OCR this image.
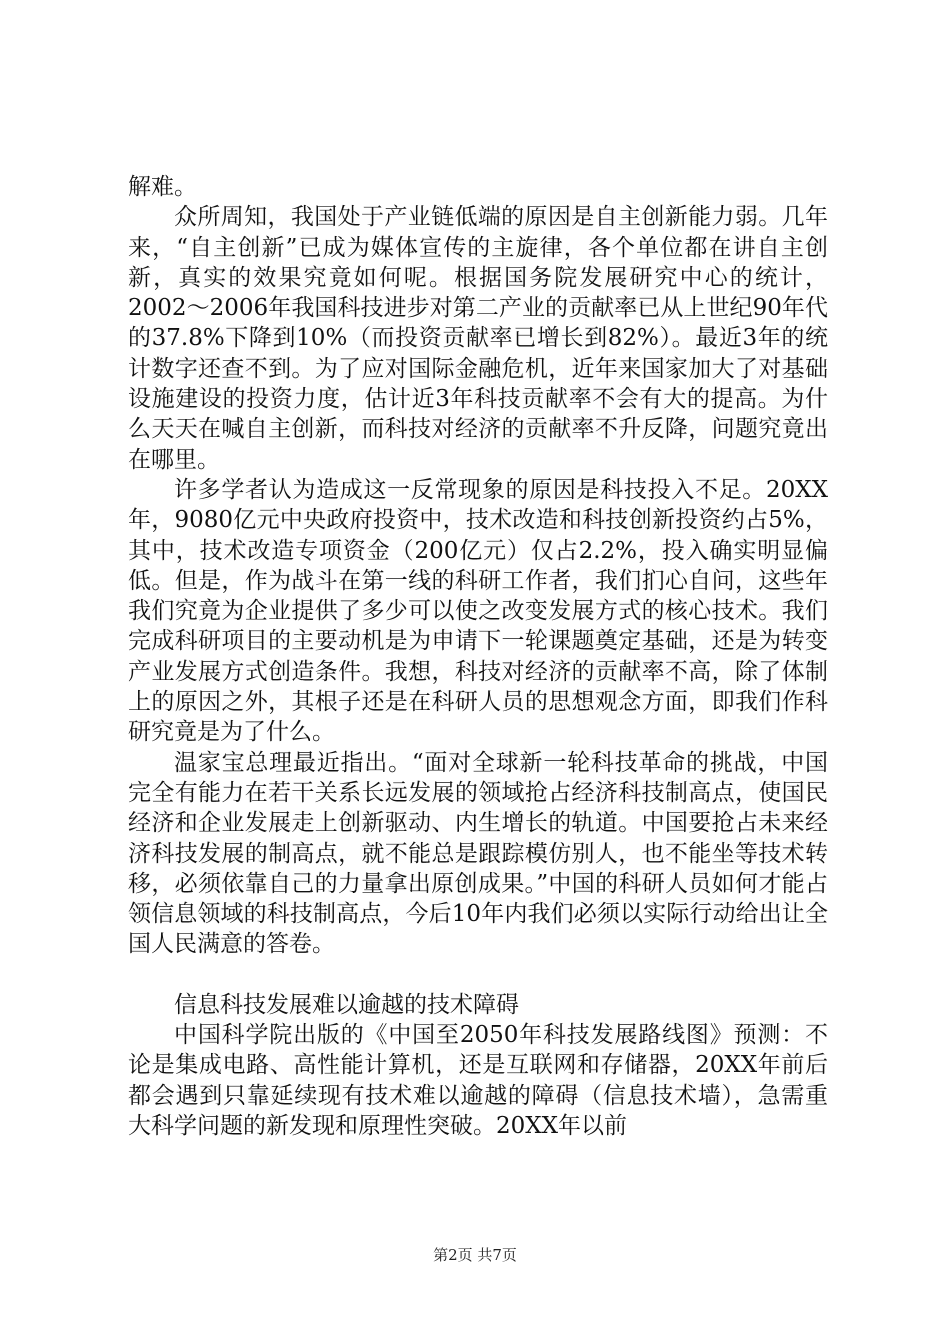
解难。

众所周知，我国处于产业链低端的原因是自主创新能力弱。几年来，“自主创新”已成为媒体宣传的主旋律，各个单位都在讲自主创新，真实的效果究竟如何呢。根据国务院发展研究中心的统计，2002～2006年我国科技进步对第二产业的贡献率已从上世纪90年代的37.8%下降到10%（而投资贡献率已增长到82%）。最近3年的统计数字还查不到。为了应对国际金融危机，近年来国家加大了对基础设施建设的投资力度，估计近3年科技贡献率不会有大的提高。为什么天天在喊自主创新，而科技对经济的贡献率不升反降，问题究竟出在哪里。

许多学者认为造成这一反常现象的原因是科技投入不足。20XX年，9080亿元中央政府投资中，技术改造和科技创新投资约占5%，其中，技术改造专项资金（200亿元）仅占2.2%，投入确实明显偏低。但是，作为战斗在第一线的科研工作者，我们扪心自问，这些年我们究竟为企业提供了多少可以使之改变发展方式的核心技术。我们完成科研项目的主要动机是为申请下一轮课题奠定基础，还是为转变产业发展方式创造条件。我想，科技对经济的贡献率不高，除了体制上的原因之外，其根子还是在科研人员的思想观念方面，即我们作科研究竟是为了什么。

温家宝总理最近指出。“面对全球新一轮科技革命的挑战，中国完全有能力在若干关系长远发展的领域抢占经济科技制高点，使国民经济和企业发展走上创新驱动、内生增长的轨道。中国要抢占未来经济科技发展的制高点，就不能总是跟踪模仿别人，也不能坐等技术转移，必须依靠自己的力量拿出原创成果。”中国的科研人员如何才能占领信息领域的科技制高点，今后10年内我们必须以实际行动给出让全国人民满意的答卷。

信息科技发展难以逾越的技术障碍

中国科学院出版的《中国至2050年科技发展路线图》预测：不论是集成电路、高性能计算机，还是互联网和存储器，20XX年前后都会遇到只靠延续现有技术难以逾越的障碍（信息技术墙），急需重大科学问题的新发现和原理性突破。20XX年以前

第2页 共7页
